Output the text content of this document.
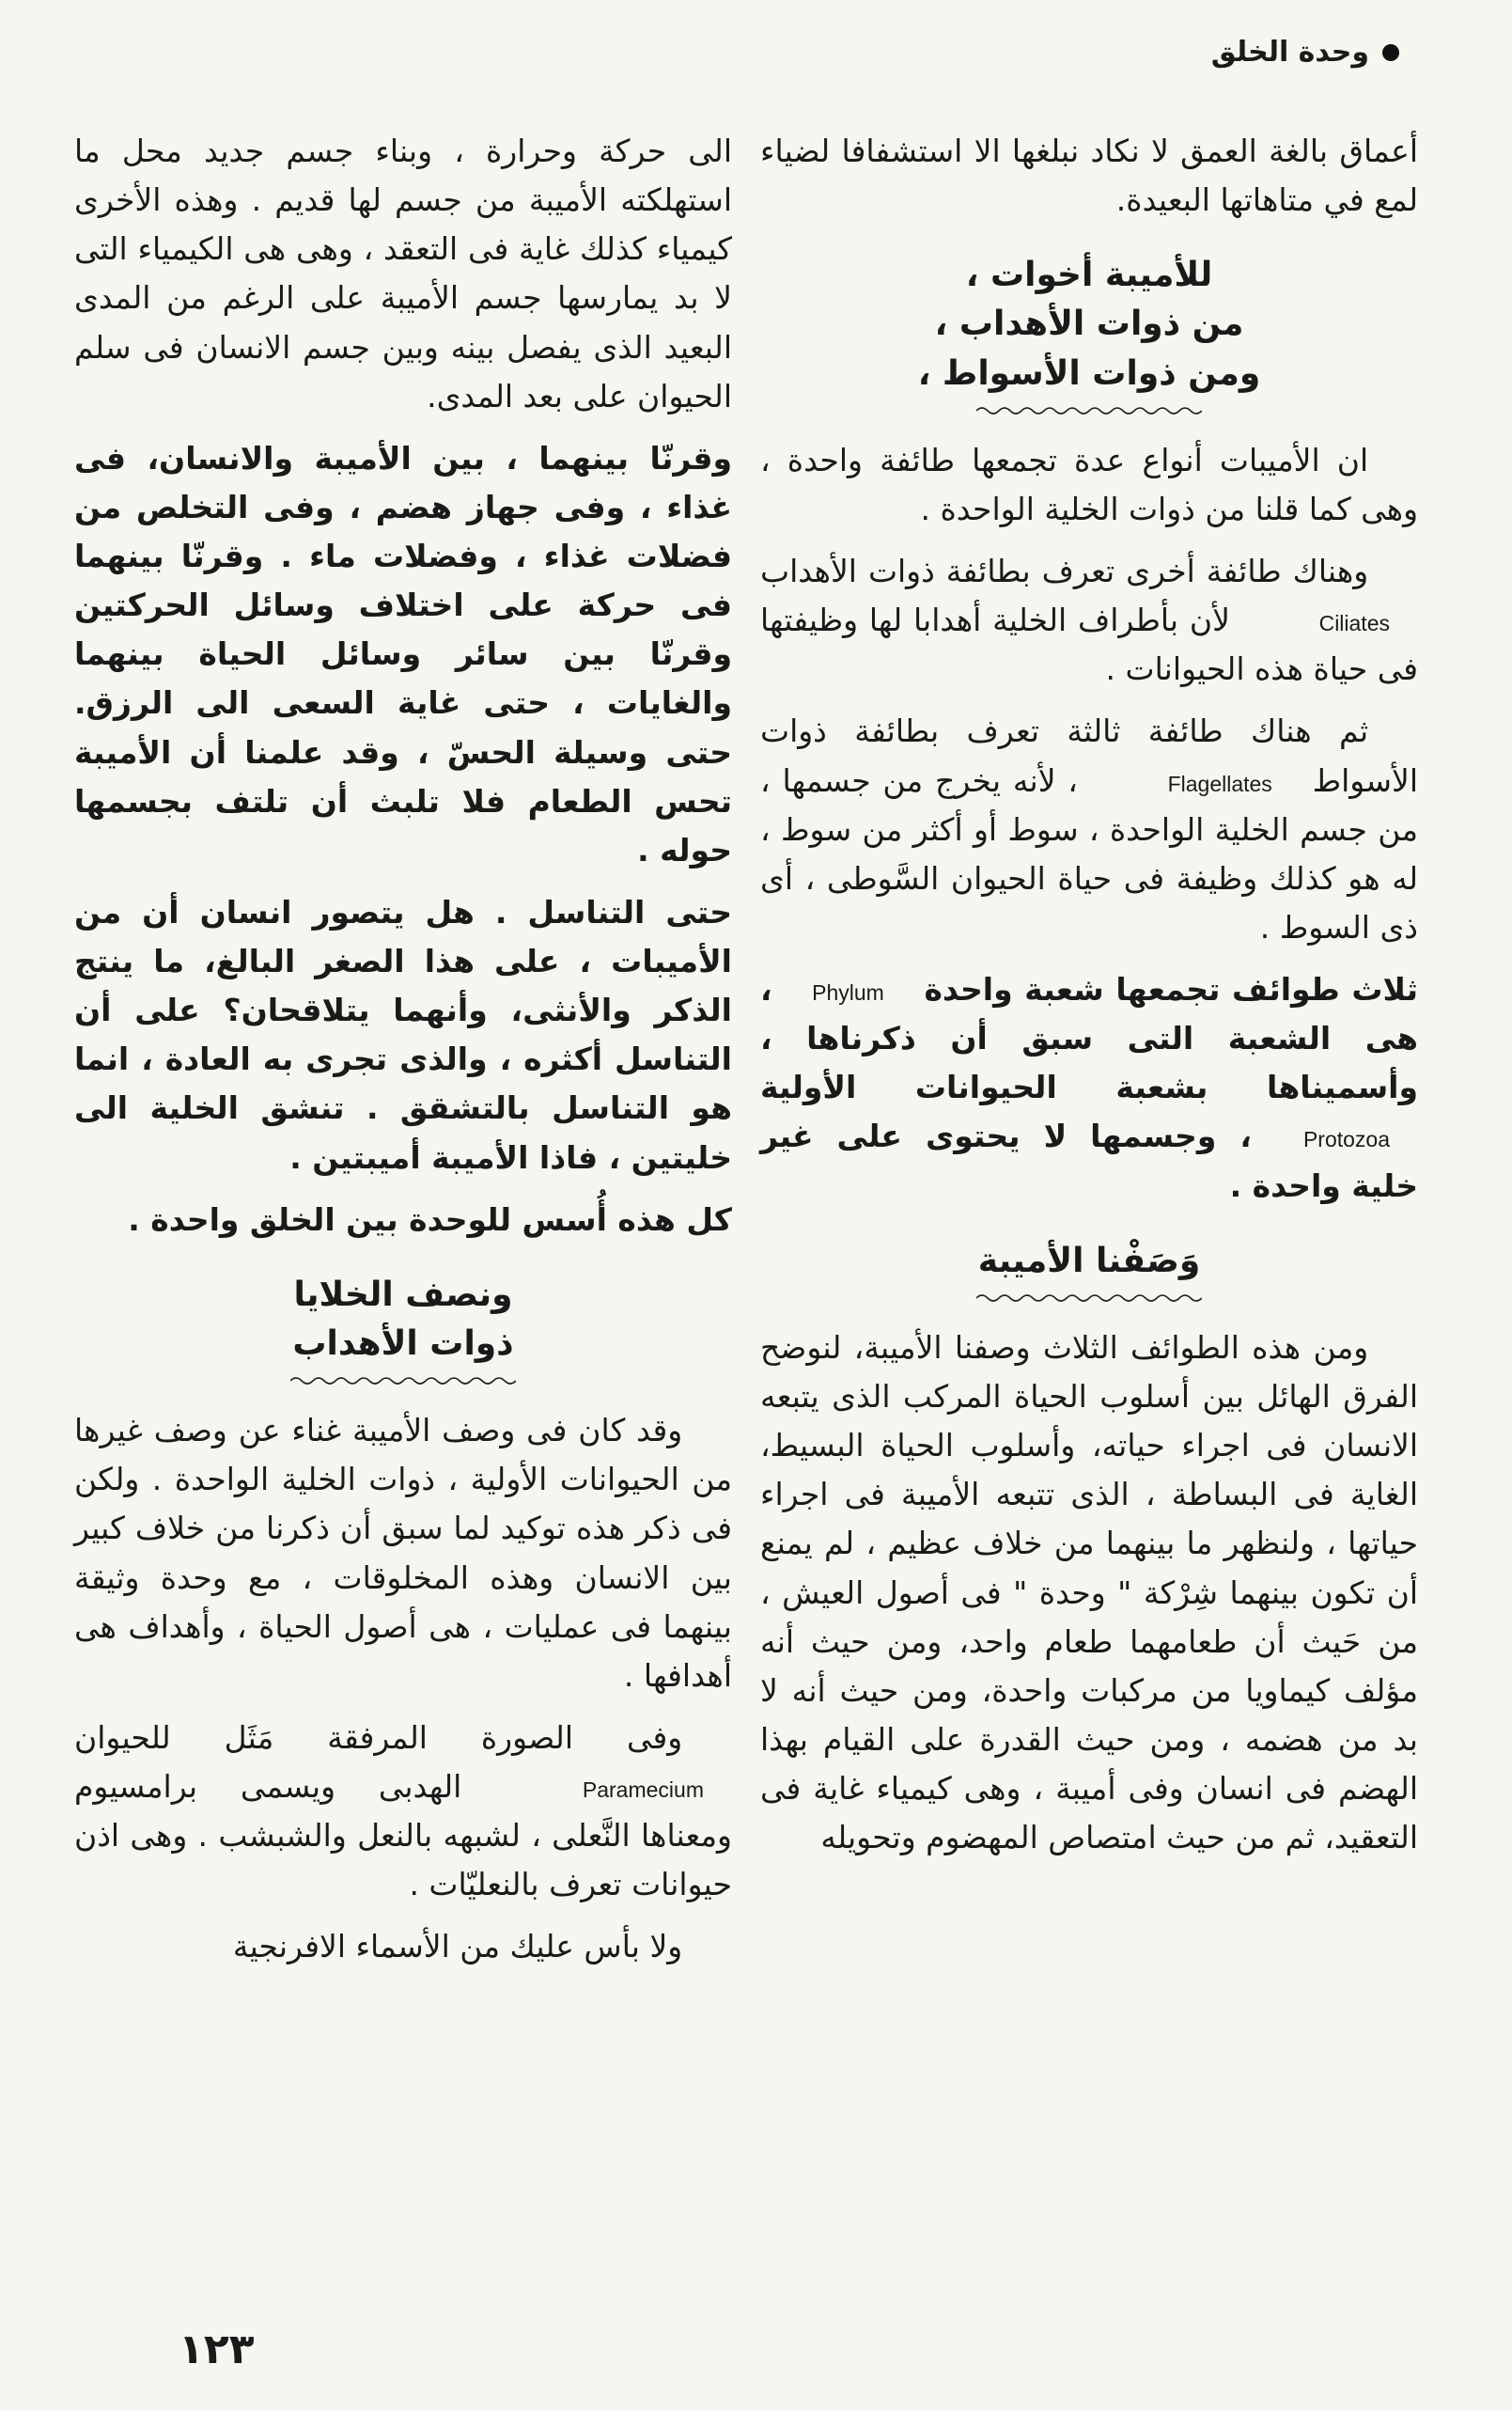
وحدة الخلق

أعماق بالغة العمق لا نكاد نبلغها الا استشفافا لضياء لمع في متاهاتها البعيدة.

للأميبة أخوات ،
من ذوات الأهداب ،
ومن ذوات الأسواط ،

ان الأميبات أنواع عدة تجمعها طائفة واحدة ، وهى كما قلنا من ذوات الخلية الواحدة .

وهناك طائفة أخرى تعرف بطائفة ذوات الأهداب Ciliates لأن بأطراف الخلية أهدابا لها وظيفتها فى حياة هذه الحيوانات .

ثم هناك طائفة ثالثة تعرف بطائفة ذوات الأسواط Flagellates ، لأنه يخرج من جسمها ، من جسم الخلية الواحدة ، سوط أو أكثر من سوط ، له هو كذلك وظيفة فى حياة الحيوان السَّوطى ، أى ذى السوط .

ثلاث طوائف تجمعها شعبة واحدة Phylum ، هى الشعبة التى سبق أن ذكرناها ، وأسميناها بشعبة الحيوانات الأولية Protozoa ، وجسمها لا يحتوى على غير خلية واحدة .

وَصَفْنا الأميبة

ومن هذه الطوائف الثلاث وصفنا الأميبة، لنوضح الفرق الهائل بين أسلوب الحياة المركب الذى يتبعه الانسان فى اجراء حياته، وأسلوب الحياة البسيط، الغاية فى البساطة ، الذى تتبعه الأميبة فى اجراء حياتها ، ولنظهر ما بينهما من خلاف عظيم ، لم يمنع أن تكون بينهما شِرْكة " وحدة " فى أصول العيش ، من حَيث أن طعامهما طعام واحد، ومن حيث أنه مؤلف كيماويا من مركبات واحدة، ومن حيث أنه لا بد من هضمه ، ومن حيث القدرة على القيام بهذا الهضم فى انسان وفى أميبة ، وهى كيمياء غاية فى التعقيد، ثم من حيث امتصاص المهضوم وتحويله

الى حركة وحرارة ، وبناء جسم جديد محل ما استهلكته الأميبة من جسم لها قديم . وهذه الأخرى كيمياء كذلك غاية فى التعقد ، وهى هى الكيمياء التى لا بد يمارسها جسم الأميبة على الرغم من المدى البعيد الذى يفصل بينه وبين جسم الانسان فى سلم الحيوان على بعد المدى.

وقرنّا بينهما ، بين الأميبة والانسان، فى غذاء ، وفى جهاز هضم ، وفى التخلص من فضلات غذاء ، وفضلات ماء . وقرنّا بينهما فى حركة على اختلاف وسائل الحركتين وقرنّا بين سائر وسائل الحياة بينهما والغايات ، حتى غاية السعى الى الرزق. حتى وسيلة الحسّ ، وقد علمنا أن الأميبة تحس الطعام فلا تلبث أن تلتف بجسمها حوله .

حتى التناسل . هل يتصور انسان أن من الأميبات ، على هذا الصغر البالغ، ما ينتج الذكر والأنثى، وأنهما يتلاقحان؟ على أن التناسل أكثره ، والذى تجرى به العادة ، انما هو التناسل بالتشقق . تنشق الخلية الى خليتين ، فاذا الأميبة أميبتين .

كل هذه أُسس للوحدة بين الخلق واحدة .

ونصف الخلايا
ذوات الأهداب

وقد كان فى وصف الأميبة غناء عن وصف غيرها من الحيوانات الأولية ، ذوات الخلية الواحدة . ولكن فى ذكر هذه توكيد لما سبق أن ذكرنا من خلاف كبير بين الانسان وهذه المخلوقات ، مع وحدة وثيقة بينهما فى عمليات ، هى أصول الحياة ، وأهداف هى أهدافها .

وفى الصورة المرفقة مَثَل للحيوان Paramecium الهدبى ويسمى برامسيوم ومعناها النَّعلى ، لشبهه بالنعل والشبشب . وهى اذن حيوانات تعرف بالنعليّات .

ولا بأس عليك من الأسماء الافرنجية

١٢٣
